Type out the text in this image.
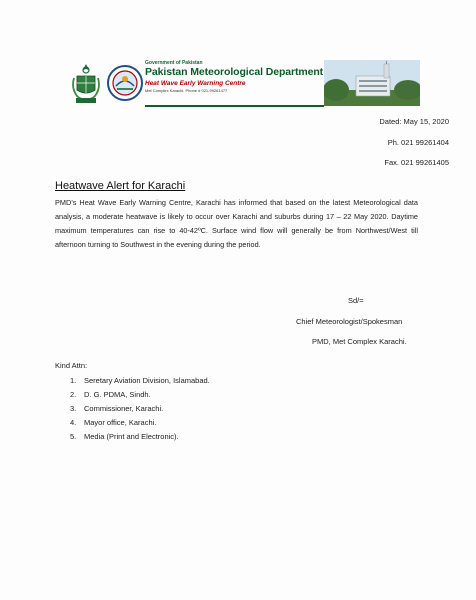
Government of Pakistan
Pakistan Meteorological Department
Heat Wave Early Warning Centre
Met Complex Karachi. Phone # 021-99261477
Dated: May 15, 2020
Ph. 021 99261404
Fax. 021 99261405
Heatwave Alert for Karachi
PMD’s Heat Wave Early Warning Centre, Karachi has informed that based on the latest Meteorological data analysis, a moderate heatwave is likely to occur over Karachi and suburbs during 17 – 22 May 2020. Daytime maximum temperatures can rise to 40-42ºC. Surface wind flow will generally be from Northwest/West till afternoon turning to Southwest in the evening during the period.
Sd/=
Chief Meteorologist/Spokesman
PMD, Met Complex Karachi.
Kind Attn:
1. Seretary Aviation Division, Islamabad.
2. D. G. PDMA, Sindh.
3. Commissioner, Karachi.
4. Mayor office, Karachi.
5. Media (Print and Electronic).
